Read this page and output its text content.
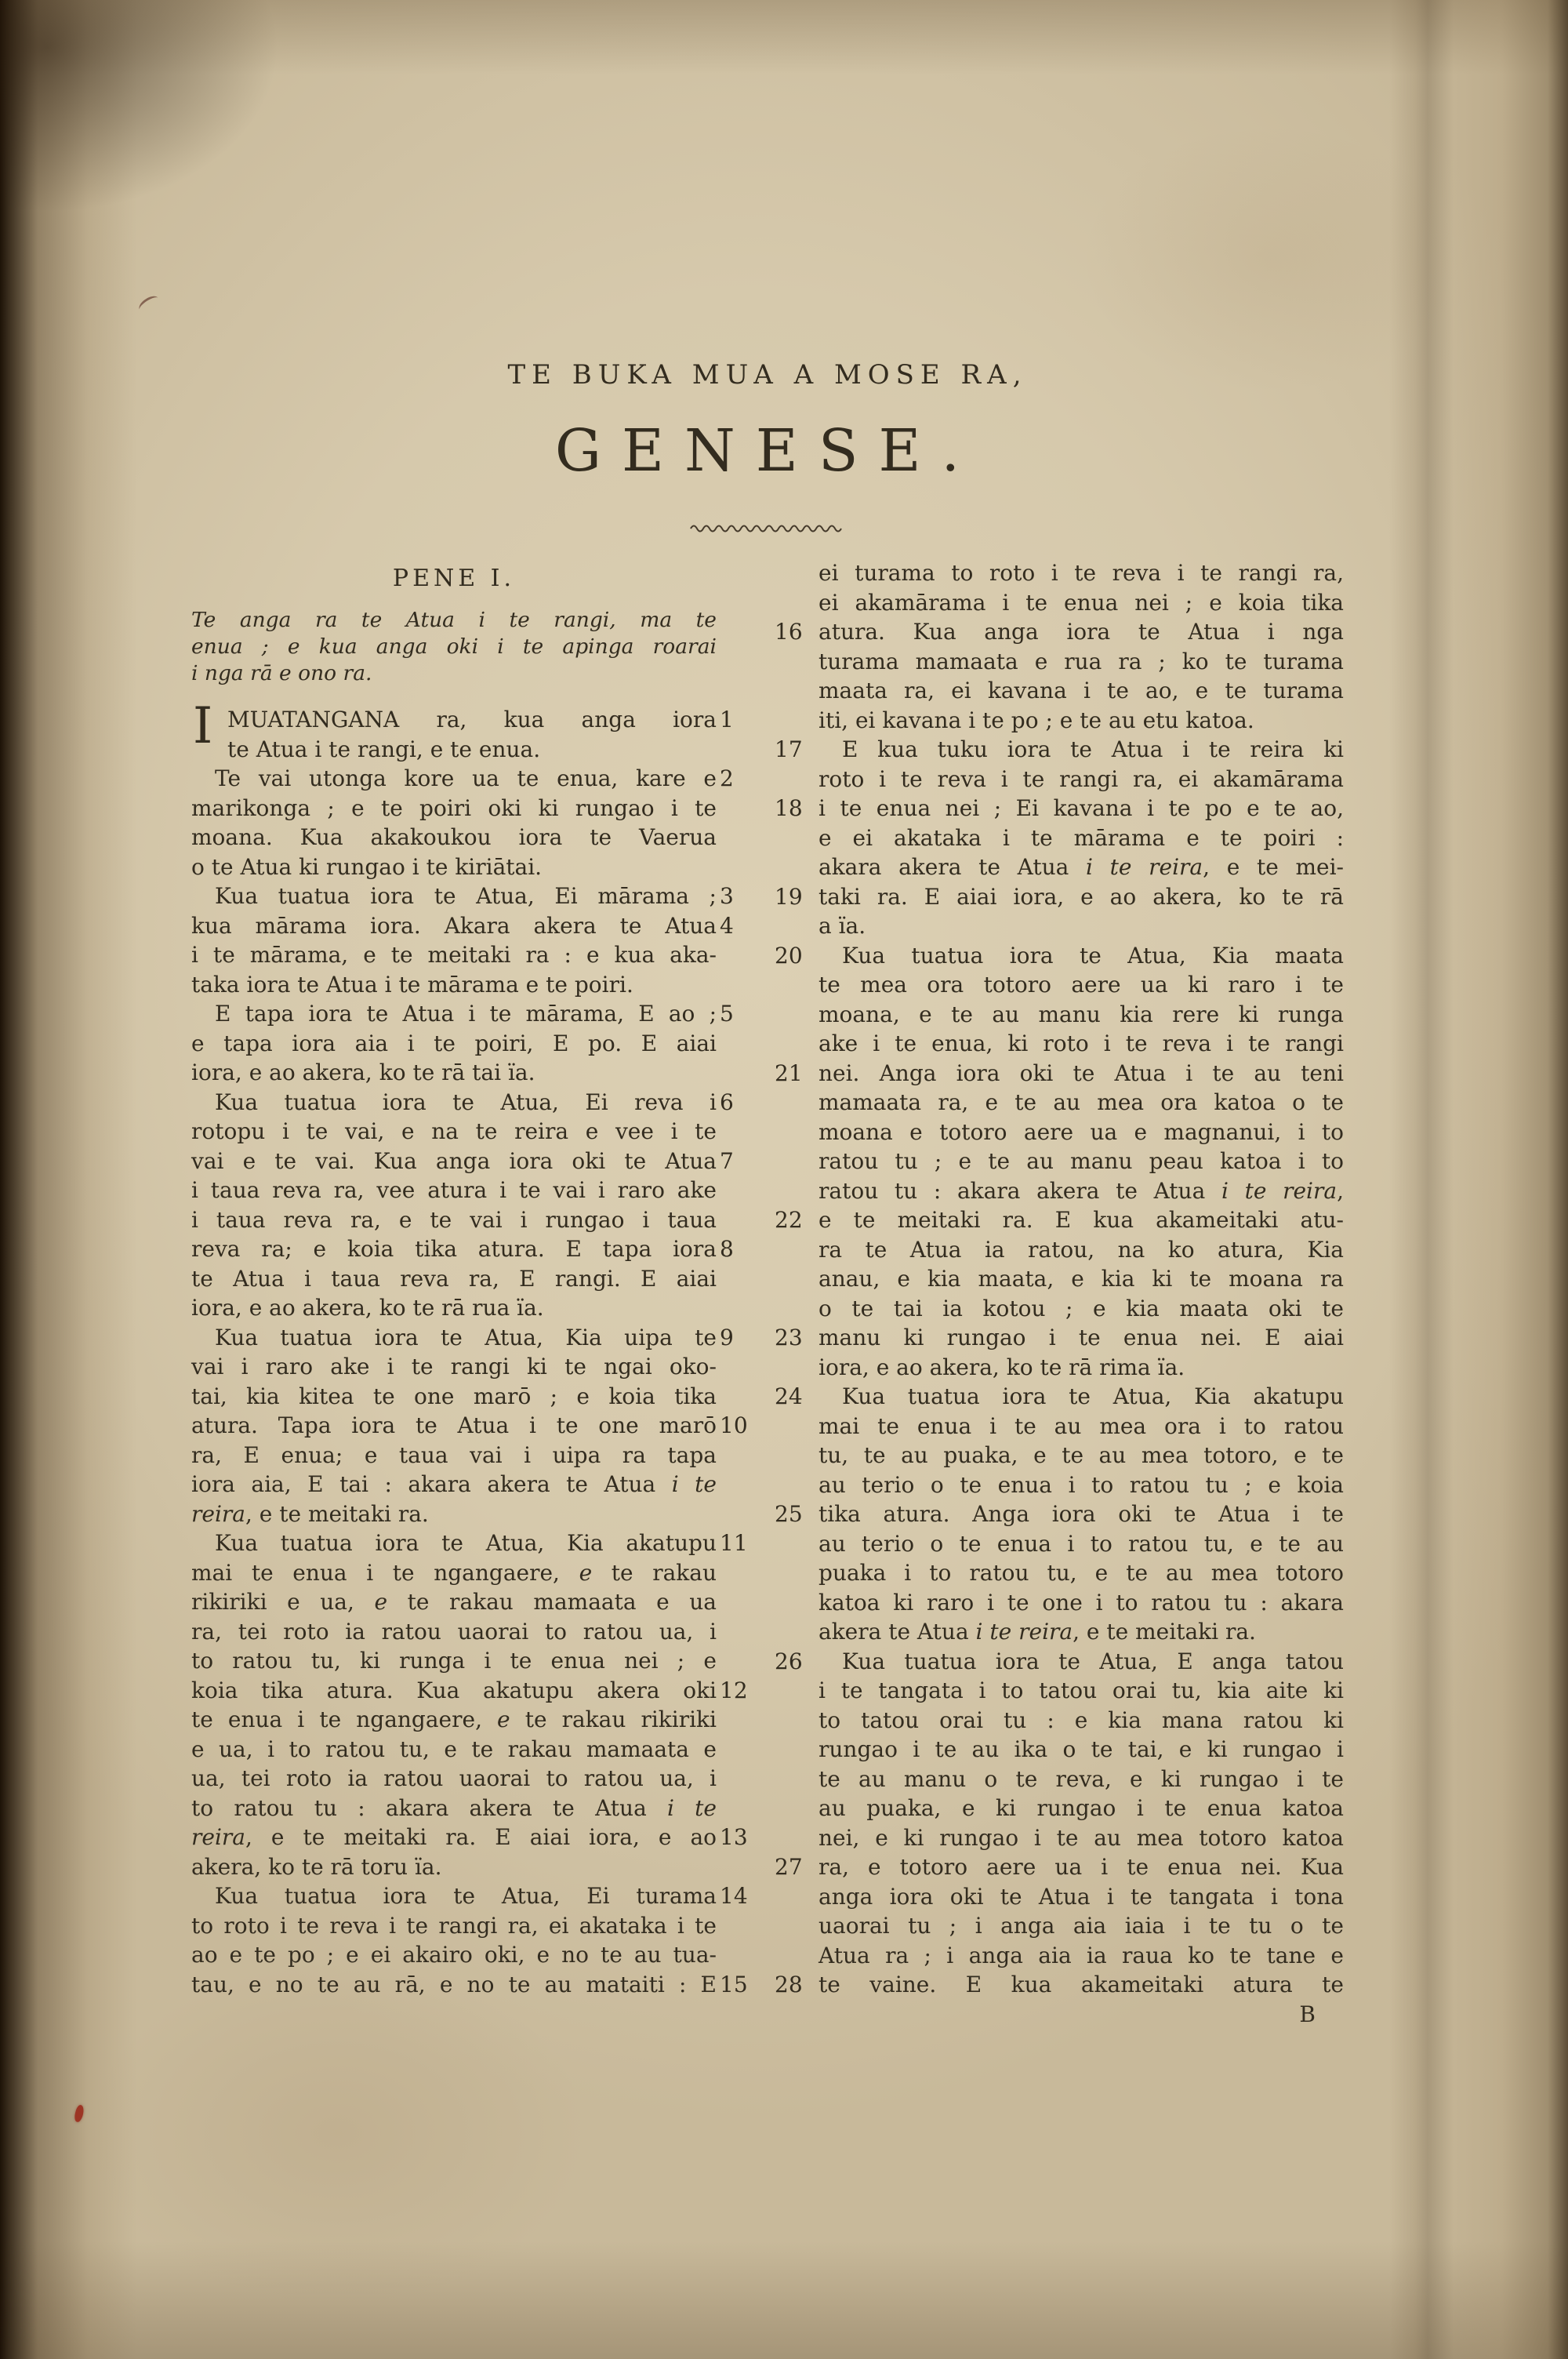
TE BUKA MUA A MOSE RA,
GENESE.
PENE I.
Te anga ra te Atua i te rangi, ma te
enua ; e kua anga oki i te apinga roarai
i nga rā e ono ra.
1
I MUATANGANA ra, kua anga iora
te Atua i te rangi, e te enua.
2
Te vai utonga kore ua te enua, kare e
marikonga ; e te poiri oki ki rungao i te
moana. Kua akakoukou iora te Vaerua
o te Atua ki rungao i te kiriātai.
3
Kua tuatua iora te Atua, Ei mārama ;
4
kua mārama iora. Akara akera te Atua
i te mārama, e te meitaki ra : e kua aka-
taka iora te Atua i te mārama e te poiri.
5
E tapa iora te Atua i te mārama, E ao ;
e tapa iora aia i te poiri, E po. E aiai
iora, e ao akera, ko te rā tai ïa.
6
Kua tuatua iora te Atua, Ei reva i
rotopu i te vai, e na te reira e vee i te
7
vai e te vai. Kua anga iora oki te Atua
i taua reva ra, vee atura i te vai i raro ake
i taua reva ra, e te vai i rungao i taua
8
reva ra; e koia tika atura. E tapa iora
te Atua i taua reva ra, E rangi. E aiai
iora, e ao akera, ko te rā rua ïa.
9
Kua tuatua iora te Atua, Kia uipa te
vai i raro ake i te rangi ki te ngai oko-
tai, kia kitea te one marō ; e koia tika
10
atura. Tapa iora te Atua i te one marō
ra, E enua; e taua vai i uipa ra tapa
iora aia, E tai : akara akera te Atua i te
reira, e te meitaki ra.
11
Kua tuatua iora te Atua, Kia akatupu
mai te enua i te ngangaere, e te rakau
rikiriki e ua, e te rakau mamaata e ua
ra, tei roto ia ratou uaorai to ratou ua, i
to ratou tu, ki runga i te enua nei ; e
12
koia tika atura. Kua akatupu akera oki
te enua i te ngangaere, e te rakau rikiriki
e ua, i to ratou tu, e te rakau mamaata e
ua, tei roto ia ratou uaorai to ratou ua, i
to ratou tu : akara akera te Atua i te
13
reira, e te meitaki ra. E aiai iora, e ao
akera, ko te rā toru ïa.
14
Kua tuatua iora te Atua, Ei turama
to roto i te reva i te rangi ra, ei akataka i te
ao e te po ; e ei akairo oki, e no te au tua-
15
tau, e no te au rā, e no te au mataiti : E
ei turama to roto i te reva i te rangi ra,
ei akamārama i te enua nei ; e koia tika
16 atura. Kua anga iora te Atua i nga
turama mamaata e rua ra ; ko te turama
maata ra, ei kavana i te ao, e te turama
iti, ei kavana i te po ; e te au etu katoa.
17	E kua tuku iora te Atua i te reira ki
roto i te reva i te rangi ra, ei akamārama
18 i te enua nei ; Ei kavana i te po e te ao,
e ei akataka i te mārama e te poiri :
akara akera te Atua i te reira, e te mei-
19 taki ra. E aiai iora, e ao akera, ko te rā
a ïa.
20	Kua tuatua iora te Atua, Kia maata
te mea ora totoro aere ua ki raro i te
moana, e te au manu kia rere ki runga
ake i te enua, ki roto i te reva i te rangi
21 nei. Anga iora oki te Atua i te au teni
mamaata ra, e te au mea ora katoa o te
moana e totoro aere ua e magnanui, i to
ratou tu ; e te au manu peau katoa i to
ratou tu : akara akera te Atua i te reira,
22 e te meitaki ra. E kua akameitaki atu-
ra te Atua ia ratou, na ko atura, Kia
anau, e kia maata, e kia ki te moana ra
o te tai ia kotou ; e kia maata oki te
23 manu ki rungao i te enua nei. E aiai
iora, e ao akera, ko te rā rima ïa.
24	Kua tuatua iora te Atua, Kia akatupu
mai te enua i te au mea ora i to ratou
tu, te au puaka, e te au mea totoro, e te
au terio o te enua i to ratou tu ; e koia
25 tika atura. Anga iora oki te Atua i te
au terio o te enua i to ratou tu, e te au
puaka i to ratou tu, e te au mea totoro
katoa ki raro i te one i to ratou tu : akara
akera te Atua i te reira, e te meitaki ra.
26	Kua tuatua iora te Atua, E anga tatou
i te tangata i to tatou orai tu, kia aite ki
to tatou orai tu : e kia mana ratou ki
rungao i te au ika o te tai, e ki rungao i
te au manu o te reva, e ki rungao i te
au puaka, e ki rungao i te enua katoa
nei, e ki rungao i te au mea totoro katoa
27 ra, e totoro aere ua i te enua nei. Kua
anga iora oki te Atua i te tangata i tona
uaorai tu ; i anga aia iaia i te tu o te
Atua ra ; i anga aia ia raua ko te tane e
28 te vaine. E kua akameitaki atura te
B
